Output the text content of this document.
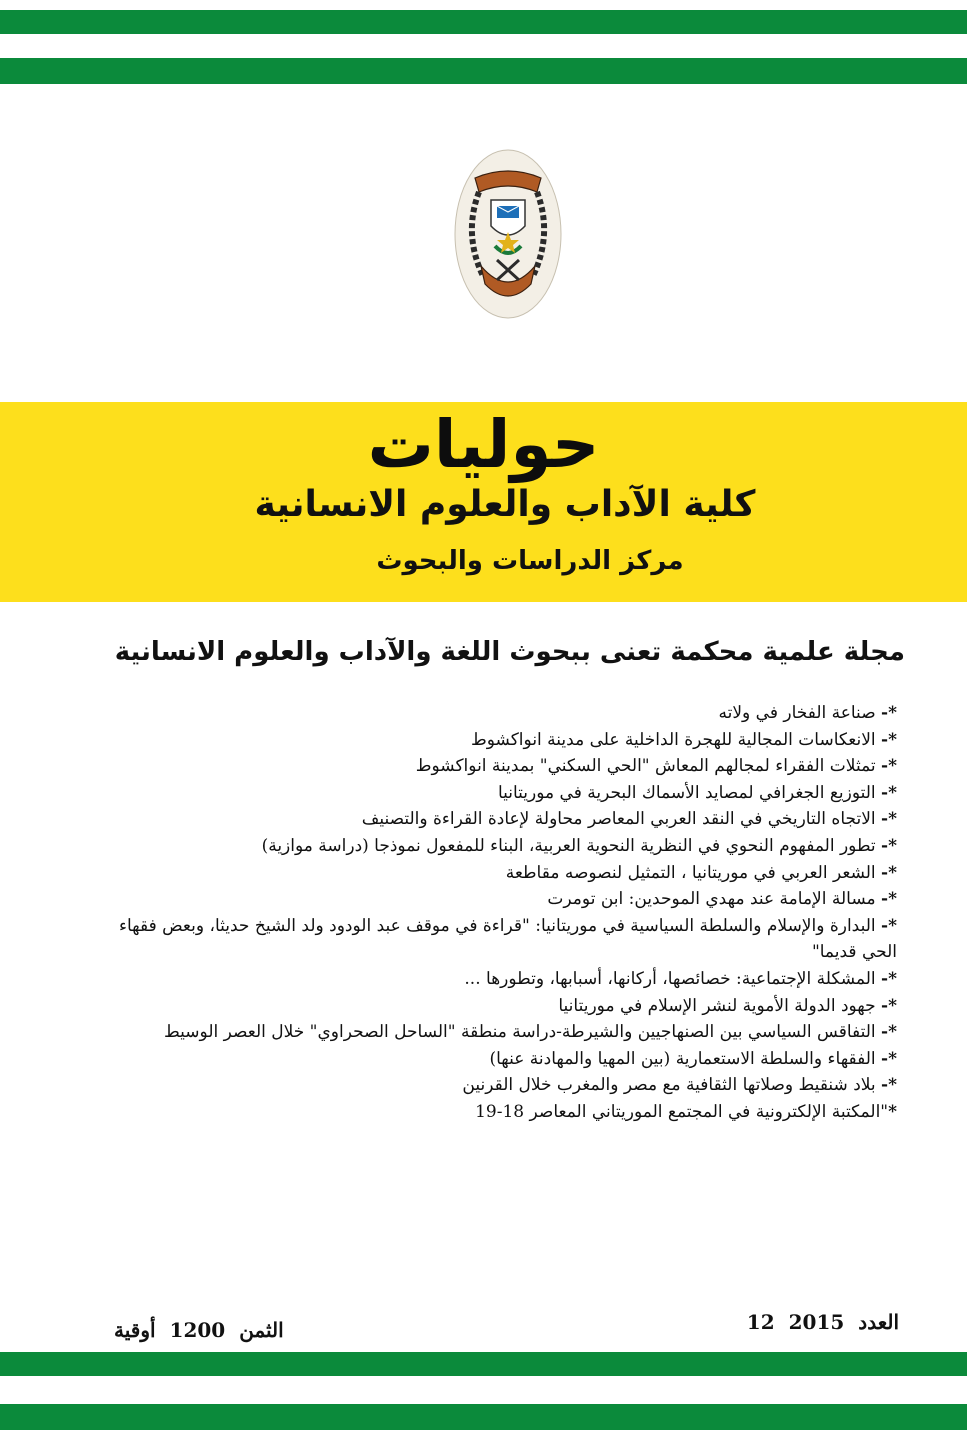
حوليات
كلية الآداب والعلوم الانسانية
مركز الدراسات والبحوث
مجلة علمية محكمة تعنى ببحوث اللغة والآداب والعلوم الانسانية
*- صناعة الفخار في ولاته
*- الانعكاسات المجالية للهجرة الداخلية على مدينة انواكشوط
*- تمثلات الفقراء لمجالهم المعاش "الحي السكني" بمدينة انواكشوط
*- التوزيع الجغرافي لمصايد الأسماك البحرية في موريتانيا
*- الاتجاه التاريخي في النقد العربي المعاصر محاولة لإعادة القراءة والتصنيف
*- تطور المفهوم النحوي في النظرية النحوية العربية، البناء للمفعول نموذجا (دراسة موازية)
*- الشعر العربي في موريتانيا ، التمثيل لنصوصه مقاطعة
*- مسالة الإمامة عند مهدي الموحدين: ابن تومرت
*- البدارة والإسلام والسلطة السياسية في موريتانيا: "قراءة في موقف عبد الودود ولد الشيخ حديثا، وبعض فقهاء الحي قديما"
*- المشكلة الإجتماعية: خصائصها، أركانها، أسبابها، وتطورها ...
*- جهود الدولة الأموية لنشر الإسلام في موريتانيا
*- التفاقس السياسي بين الصنهاجيين والشيرطة-دراسة منطقة "الساحل الصحراوي" خلال العصر الوسيط
*- الفقهاء والسلطة الاستعمارية (بين المهيا والمهادنة عنها)
*- بلاد شنقيط وصلاتها الثقافية مع مصر والمغرب خلال القرنين
*"المكتبة الإلكترونية في المجتمع الموريتاني المعاصر 18-19
العدد12 2015
الثمن1200أوقية
